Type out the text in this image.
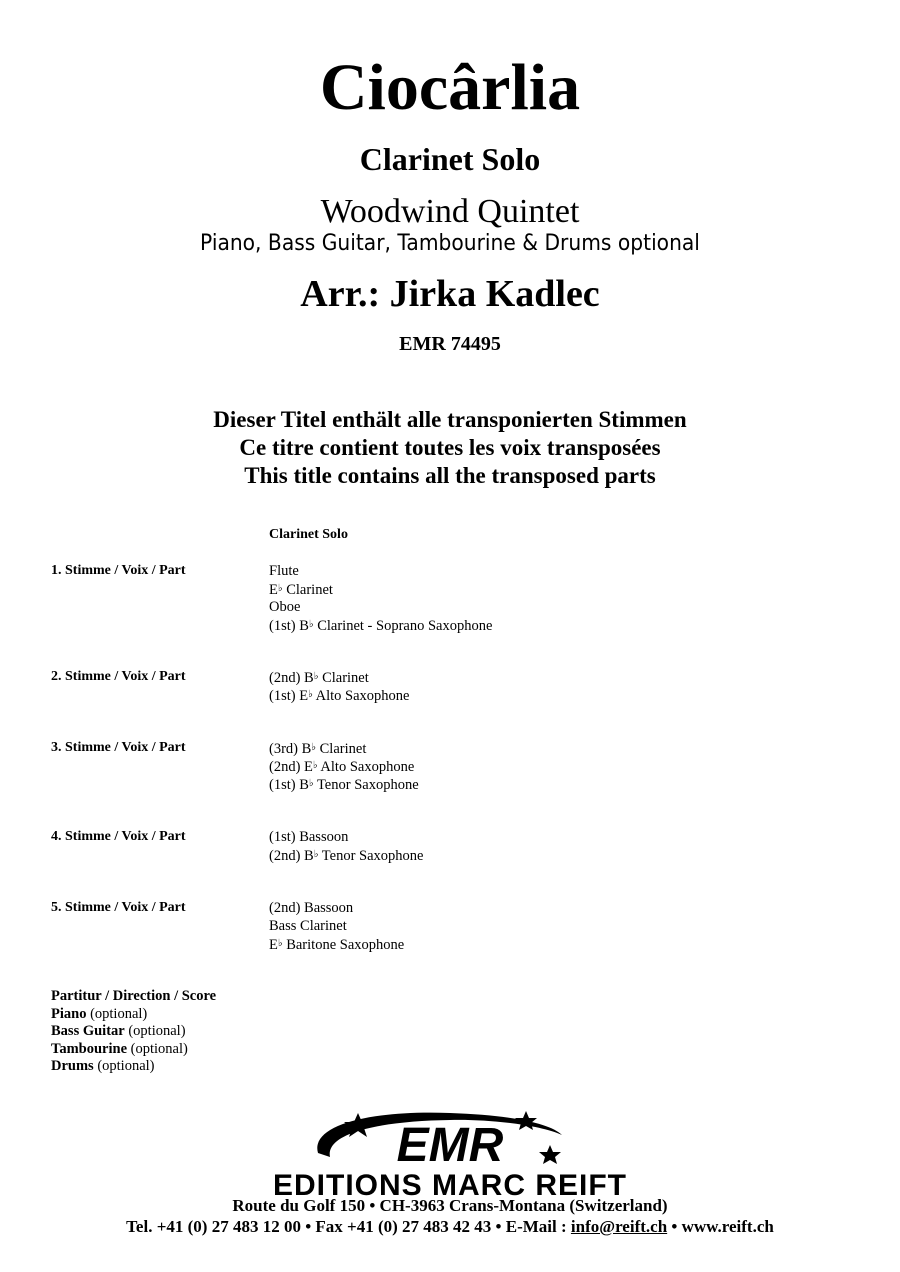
Ciocârlia
Clarinet Solo
Woodwind Quintet
Piano, Bass Guitar, Tambourine & Drums optional
Arr.: Jirka Kadlec
EMR 74495
Dieser Titel enthält alle transponierten Stimmen
Ce titre contient toutes les voix transposées
This title contains all the transposed parts
Clarinet Solo
1. Stimme / Voix / Part	Flute
E♭ Clarinet
Oboe
(1st) B♭ Clarinet - Soprano Saxophone
2. Stimme / Voix / Part	(2nd) B♭ Clarinet
(1st) E♭ Alto Saxophone
3. Stimme / Voix / Part	(3rd) B♭ Clarinet
(2nd) E♭ Alto Saxophone
(1st) B♭ Tenor Saxophone
4. Stimme / Voix / Part	(1st) Bassoon
(2nd) B♭ Tenor Saxophone
5. Stimme / Voix / Part	(2nd) Bassoon
Bass Clarinet
E♭ Baritone Saxophone
Partitur / Direction / Score
Piano (optional)
Bass Guitar (optional)
Tambourine (optional)
Drums (optional)
EMR
EDITIONS MARC REIFT
Route du Golf 150 • CH-3963 Crans-Montana (Switzerland)
Tel. +41 (0) 27 483 12 00 • Fax +41 (0) 27 483 42 43 • E-Mail : info@reift.ch • www.reift.ch
